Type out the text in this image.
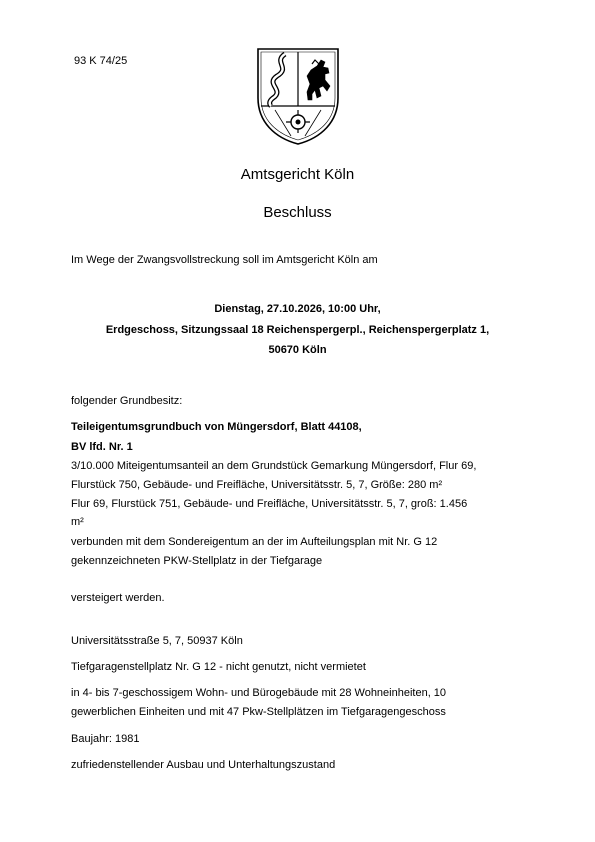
93 K 74/25
Amtsgericht Köln
Beschluss
Im Wege der Zwangsvollstreckung soll im Amtsgericht Köln am
Dienstag, 27.10.2026, 10:00 Uhr,
Erdgeschoss, Sitzungssaal 18 Reichenspergerpl., Reichenspergerplatz 1,
50670 Köln
folgender Grundbesitz:
Teileigentumsgrundbuch von Müngersdorf, Blatt 44108,
BV lfd. Nr. 1
3/10.000 Miteigentumsanteil an dem Grundstück Gemarkung Müngersdorf, Flur 69,
Flurstück 750, Gebäude- und Freifläche, Universitätsstr. 5, 7, Größe: 280 m²
Flur 69, Flurstück 751, Gebäude- und Freifläche, Universitätsstr. 5, 7, groß: 1.456
m²
verbunden mit dem Sondereigentum an der im Aufteilungsplan mit Nr. G 12
gekennzeichneten PKW-Stellplatz in der Tiefgarage
versteigert werden.
Universitätsstraße 5, 7, 50937 Köln
Tiefgaragenstellplatz Nr. G 12 - nicht genutzt, nicht vermietet
in 4- bis 7-geschossigem Wohn- und Bürogebäude mit 28 Wohneinheiten, 10
gewerblichen Einheiten und mit 47 Pkw-Stellplätzen im Tiefgaragengeschoss
Baujahr: 1981
zufriedenstellender Ausbau und Unterhaltungszustand
